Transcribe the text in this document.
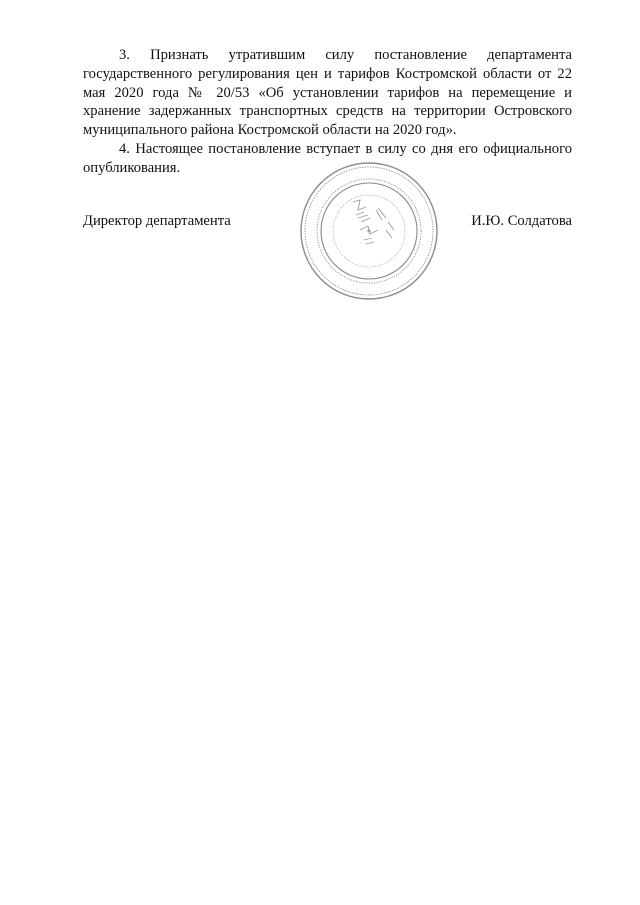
3. Признать утратившим силу постановление департамента государственного регулирования цен и тарифов Костромской области от 22 мая 2020 года № 20/53 «Об установлении тарифов на перемещение и хранение задержанных транспортных средств на территории Островского муниципального района Костромской области на 2020 год».

4. Настоящее постановление вступает в силу со дня его официального опубликования.

Директор департамента	И.Ю. Солдатова
